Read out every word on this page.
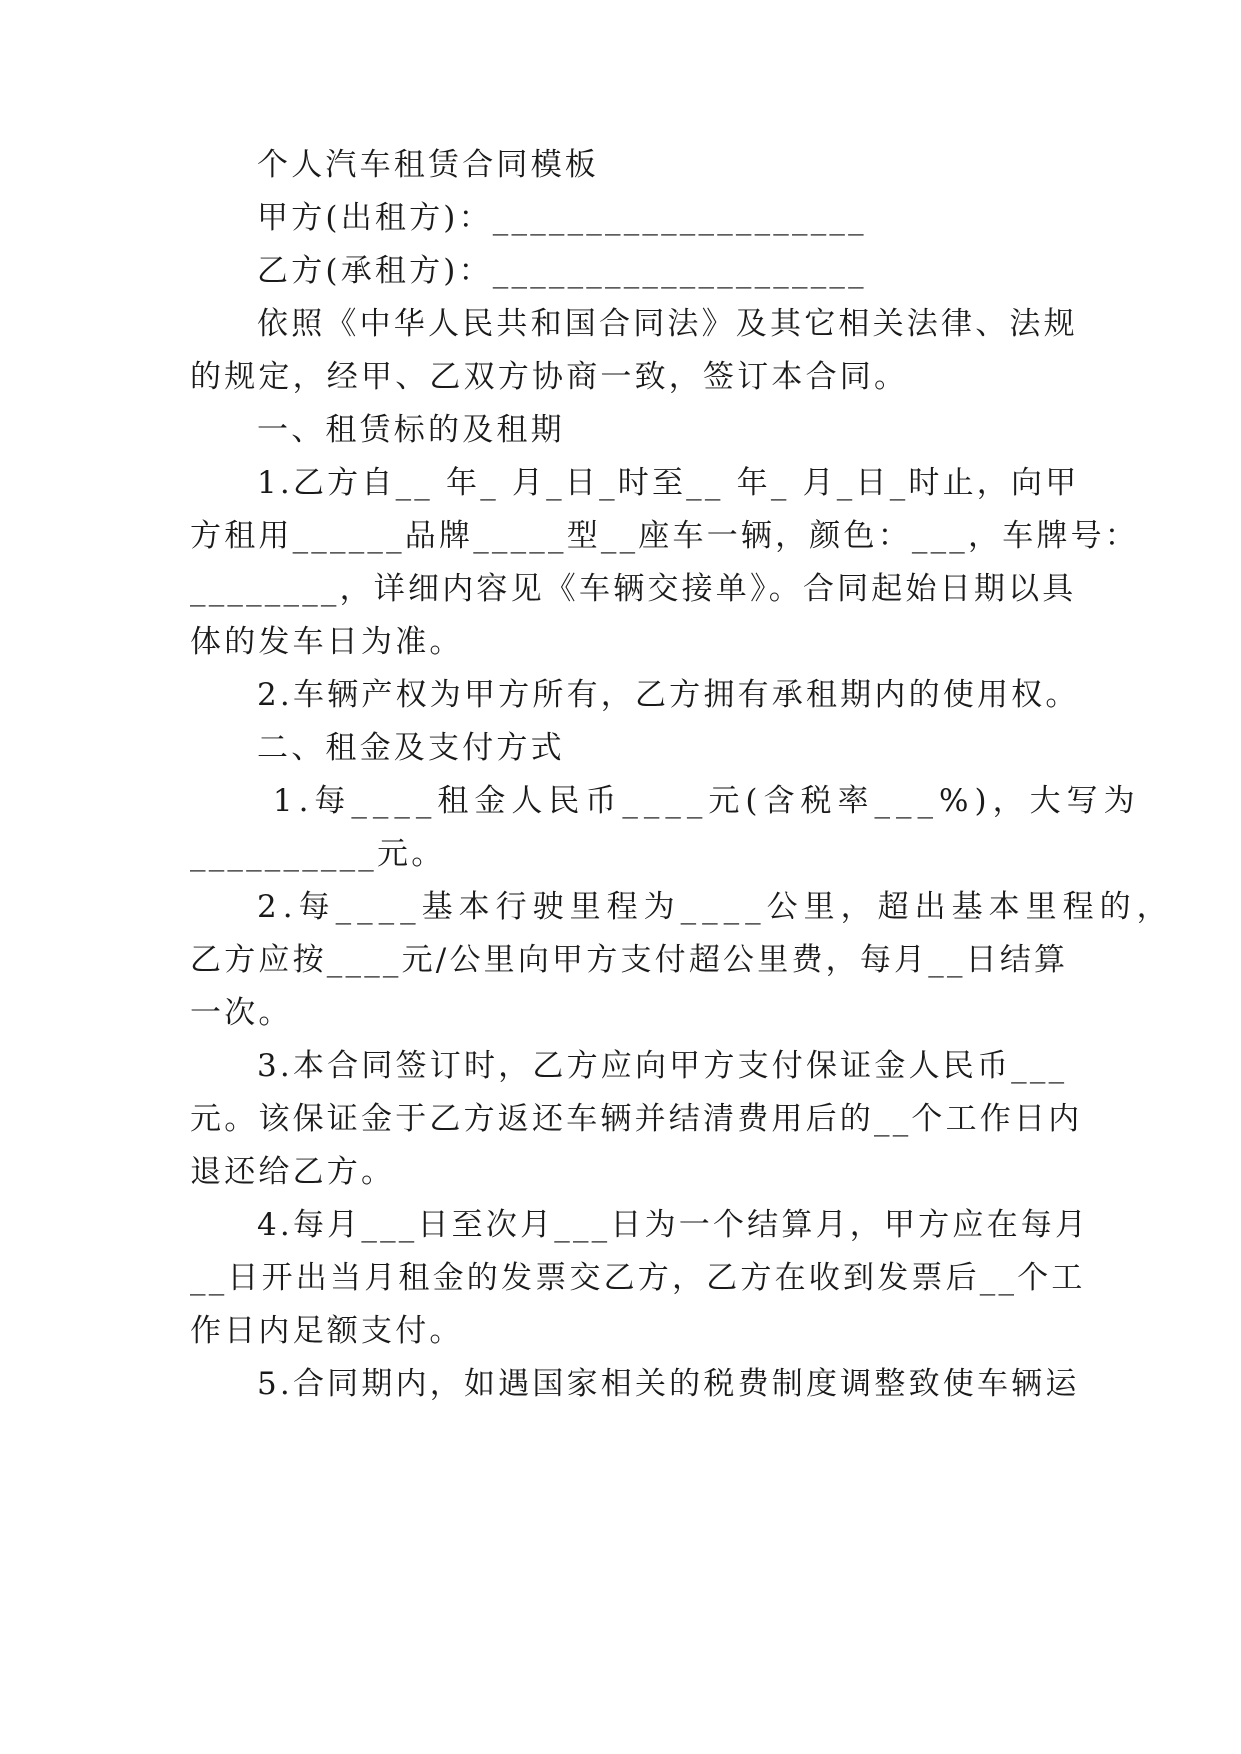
个人汽车租赁合同模板
甲方(出租方)：____________________
乙方(承租方)：____________________
依照《中华人民共和国合同法》及其它相关法律、法规
的规定，经甲、乙双方协商一致，签订本合同。
一、租赁标的及租期
1.乙方自__ 年_ 月_日_时至__ 年_ 月_日_时止，向甲
方租用______品牌_____型__座车一辆，颜色：___，车牌号：
________，详细内容见《车辆交接单》。合同起始日期以具
体的发车日为准。
2.车辆产权为甲方所有，乙方拥有承租期内的使用权。
二、租金及支付方式
1.每____租金人民币____元(含税率___%)，大写为
__________元。
2.每____基本行驶里程为____公里，超出基本里程的，
乙方应按____元/公里向甲方支付超公里费，每月__日结算
一次。
3.本合同签订时，乙方应向甲方支付保证金人民币___
元。该保证金于乙方返还车辆并结清费用后的__个工作日内
退还给乙方。
4.每月___日至次月___日为一个结算月，甲方应在每月
__日开出当月租金的发票交乙方，乙方在收到发票后__个工
作日内足额支付。
5.合同期内，如遇国家相关的税费制度调整致使车辆运
